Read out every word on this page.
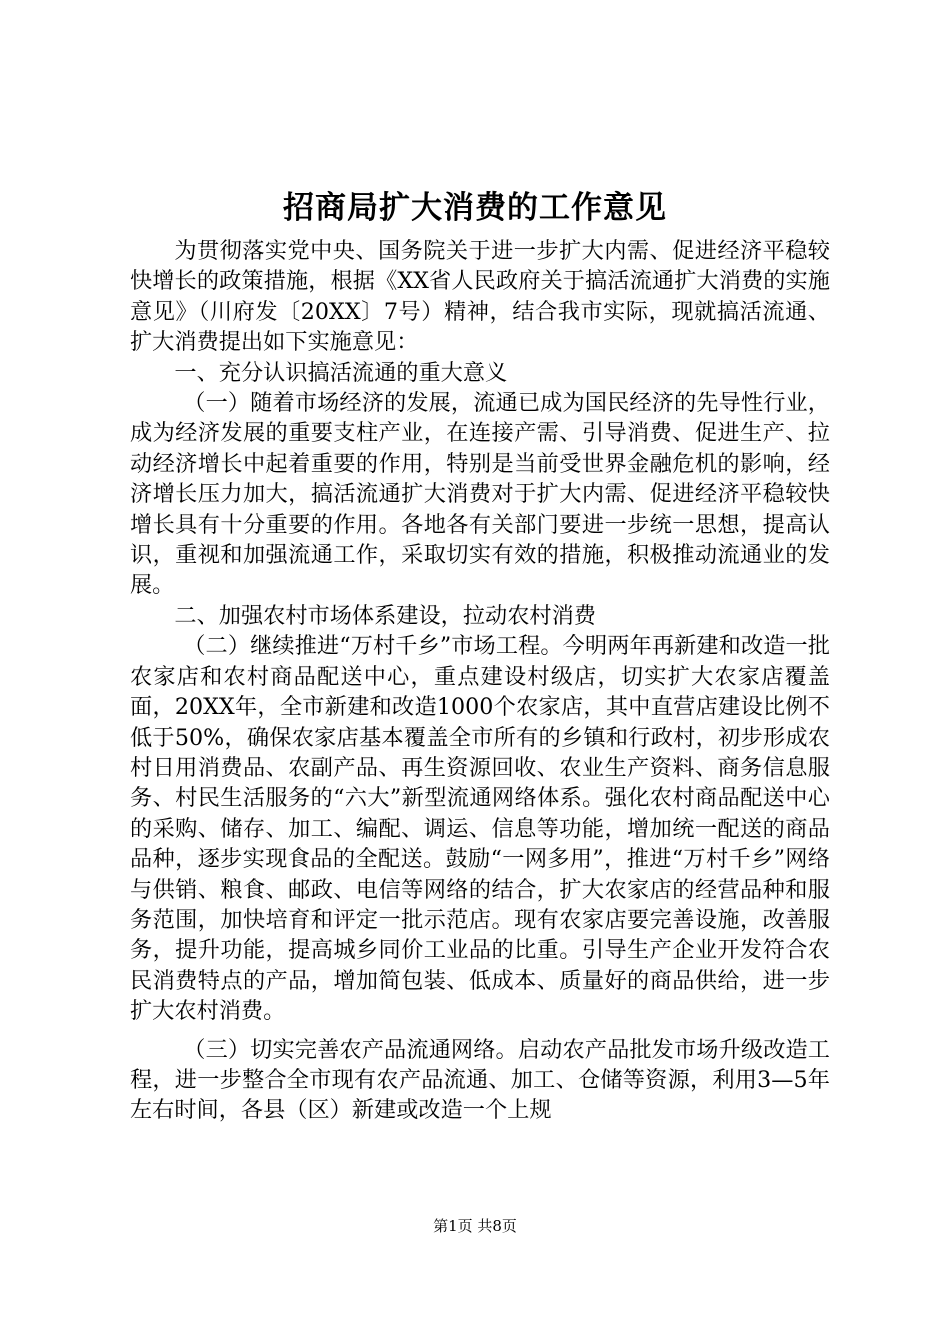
招商局扩大消费的工作意见

为贯彻落实党中央、国务院关于进一步扩大内需、促进经济平稳较快增长的政策措施，根据《XX省人民政府关于搞活流通扩大消费的实施意见》（川府发〔20XX〕7号）精神，结合我市实际，现就搞活流通、扩大消费提出如下实施意见：

一、充分认识搞活流通的重大意义

（一）随着市场经济的发展，流通已成为国民经济的先导性行业，成为经济发展的重要支柱产业，在连接产需、引导消费、促进生产、拉动经济增长中起着重要的作用，特别是当前受世界金融危机的影响，经济增长压力加大，搞活流通扩大消费对于扩大内需、促进经济平稳较快增长具有十分重要的作用。各地各有关部门要进一步统一思想，提高认识，重视和加强流通工作，采取切实有效的措施，积极推动流通业的发展。

二、加强农村市场体系建设，拉动农村消费

（二）继续推进“万村千乡”市场工程。今明两年再新建和改造一批农家店和农村商品配送中心，重点建设村级店，切实扩大农家店覆盖面，20XX年，全市新建和改造1000个农家店，其中直营店建设比例不低于50%，确保农家店基本覆盖全市所有的乡镇和行政村，初步形成农村日用消费品、农副产品、再生资源回收、农业生产资料、商务信息服务、村民生活服务的“六大”新型流通网络体系。强化农村商品配送中心的采购、储存、加工、编配、调运、信息等功能，增加统一配送的商品品种，逐步实现食品的全配送。鼓励“一网多用”，推进“万村千乡”网络与供销、粮食、邮政、电信等网络的结合，扩大农家店的经营品种和服务范围，加快培育和评定一批示范店。现有农家店要完善设施，改善服务，提升功能，提高城乡同价工业品的比重。引导生产企业开发符合农民消费特点的产品，增加简包装、低成本、质量好的商品供给，进一步扩大农村消费。

（三）切实完善农产品流通网络。启动农产品批发市场升级改造工程，进一步整合全市现有农产品流通、加工、仓储等资源，利用3—5年左右时间，各县（区）新建或改造一个上规

第1页 共8页
